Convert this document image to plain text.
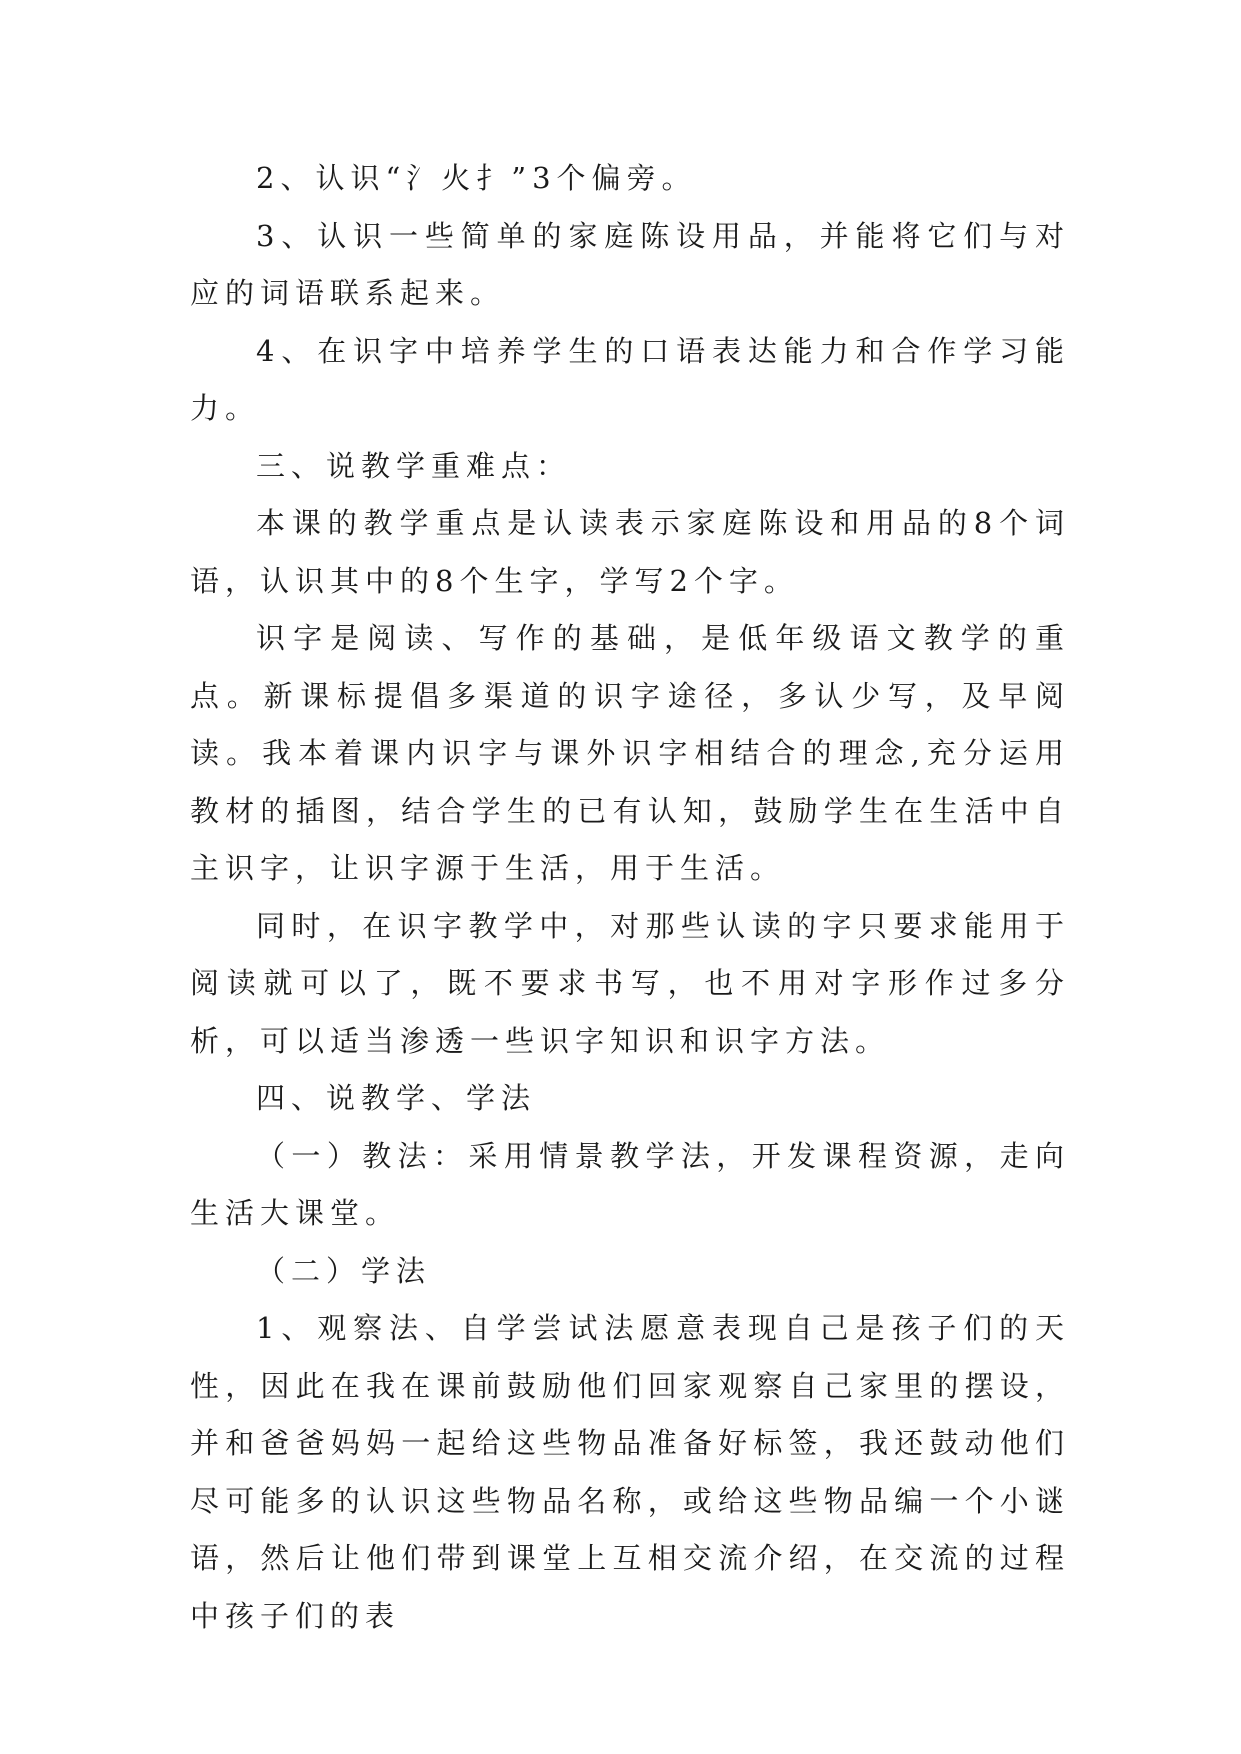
2、认识“氵火扌”3个偏旁。

3、认识一些简单的家庭陈设用品，并能将它们与对应的词语联系起来。

4、在识字中培养学生的口语表达能力和合作学习能力。

三、说教学重难点：

本课的教学重点是认读表示家庭陈设和用品的8个词语，认识其中的8个生字，学写2个字。

识字是阅读、写作的基础，是低年级语文教学的重点。新课标提倡多渠道的识字途径，多认少写，及早阅读。我本着课内识字与课外识字相结合的理念,充分运用教材的插图，结合学生的已有认知，鼓励学生在生活中自主识字，让识字源于生活，用于生活。

同时，在识字教学中，对那些认读的字只要求能用于阅读就可以了，既不要求书写，也不用对字形作过多分析，可以适当渗透一些识字知识和识字方法。

四、说教学、学法

（一）教法：采用情景教学法，开发课程资源，走向生活大课堂。

（二）学法

1、观察法、自学尝试法愿意表现自己是孩子们的天性，因此在我在课前鼓励他们回家观察自己家里的摆设，并和爸爸妈妈一起给这些物品准备好标签，我还鼓动他们尽可能多的认识这些物品名称，或给这些物品编一个小谜语，然后让他们带到课堂上互相交流介绍，在交流的过程中孩子们的表
